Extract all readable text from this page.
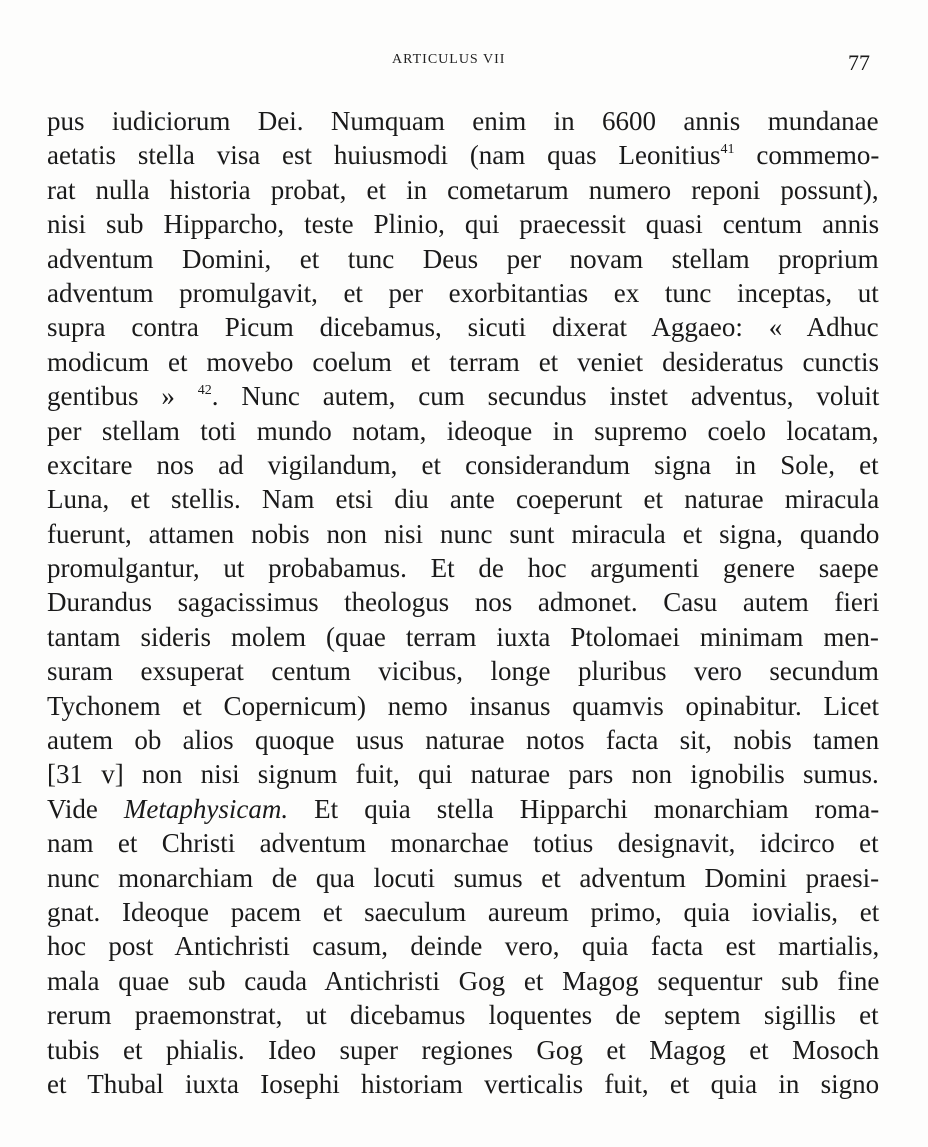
ARTICULUS VII	77
pus iudiciorum Dei. Numquam enim in 6600 annis mundanae
aetatis stella visa est huiusmodi (nam quas Leonitius$^{41}$ commemo-
rat nulla historia probat, et in cometarum numero reponi possunt),
nisi sub Hipparcho, teste Plinio, qui praecessit quasi centum annis
adventum Domini, et tunc Deus per novam stellam proprium
adventum promulgavit, et per exorbitantias ex tunc inceptas, ut
supra contra Picum dicebamus, sicuti dixerat Aggaeo: « Adhuc
modicum et movebo coelum et terram et veniet desideratus cunctis
gentibus » $^{42}$. Nunc autem, cum secundus instet adventus, voluit
per stellam toti mundo notam, ideoque in supremo coelo locatam,
excitare nos ad vigilandum, et considerandum signa in Sole, et
Luna, et stellis. Nam etsi diu ante coeperunt et naturae miracula
fuerunt, attamen nobis non nisi nunc sunt miracula et signa, quando
promulgantur, ut probabamus. Et de hoc argumenti genere saepe
Durandus sagacissimus theologus nos admonet. Casu autem fieri
tantam sideris molem (quae terram iuxta Ptolomaei minimam men-
suram exsuperat centum vicibus, longe pluribus vero secundum
Tychonem et Copernicum) nemo insanus quamvis opinabitur. Licet
autem ob alios quoque usus naturae notos facta sit, nobis tamen
[31 v] non nisi signum fuit, qui naturae pars non ignobilis sumus.
Vide Metaphysicam. Et quia stella Hipparchi monarchiam roma-
nam et Christi adventum monarchae totius designavit, idcirco et
nunc monarchiam de qua locuti sumus et adventum Domini praesi-
gnat. Ideoque pacem et saeculum aureum primo, quia iovialis, et
hoc post Antichristi casum, deinde vero, quia facta est martialis,
mala quae sub cauda Antichristi Gog et Magog sequentur sub fine
rerum praemonstrat, ut dicebamus loquentes de septem sigillis et
tubis et phialis. Ideo super regiones Gog et Magog et Mosoch
et Thubal iuxta Iosephi historiam verticalis fuit, et quia in signo
